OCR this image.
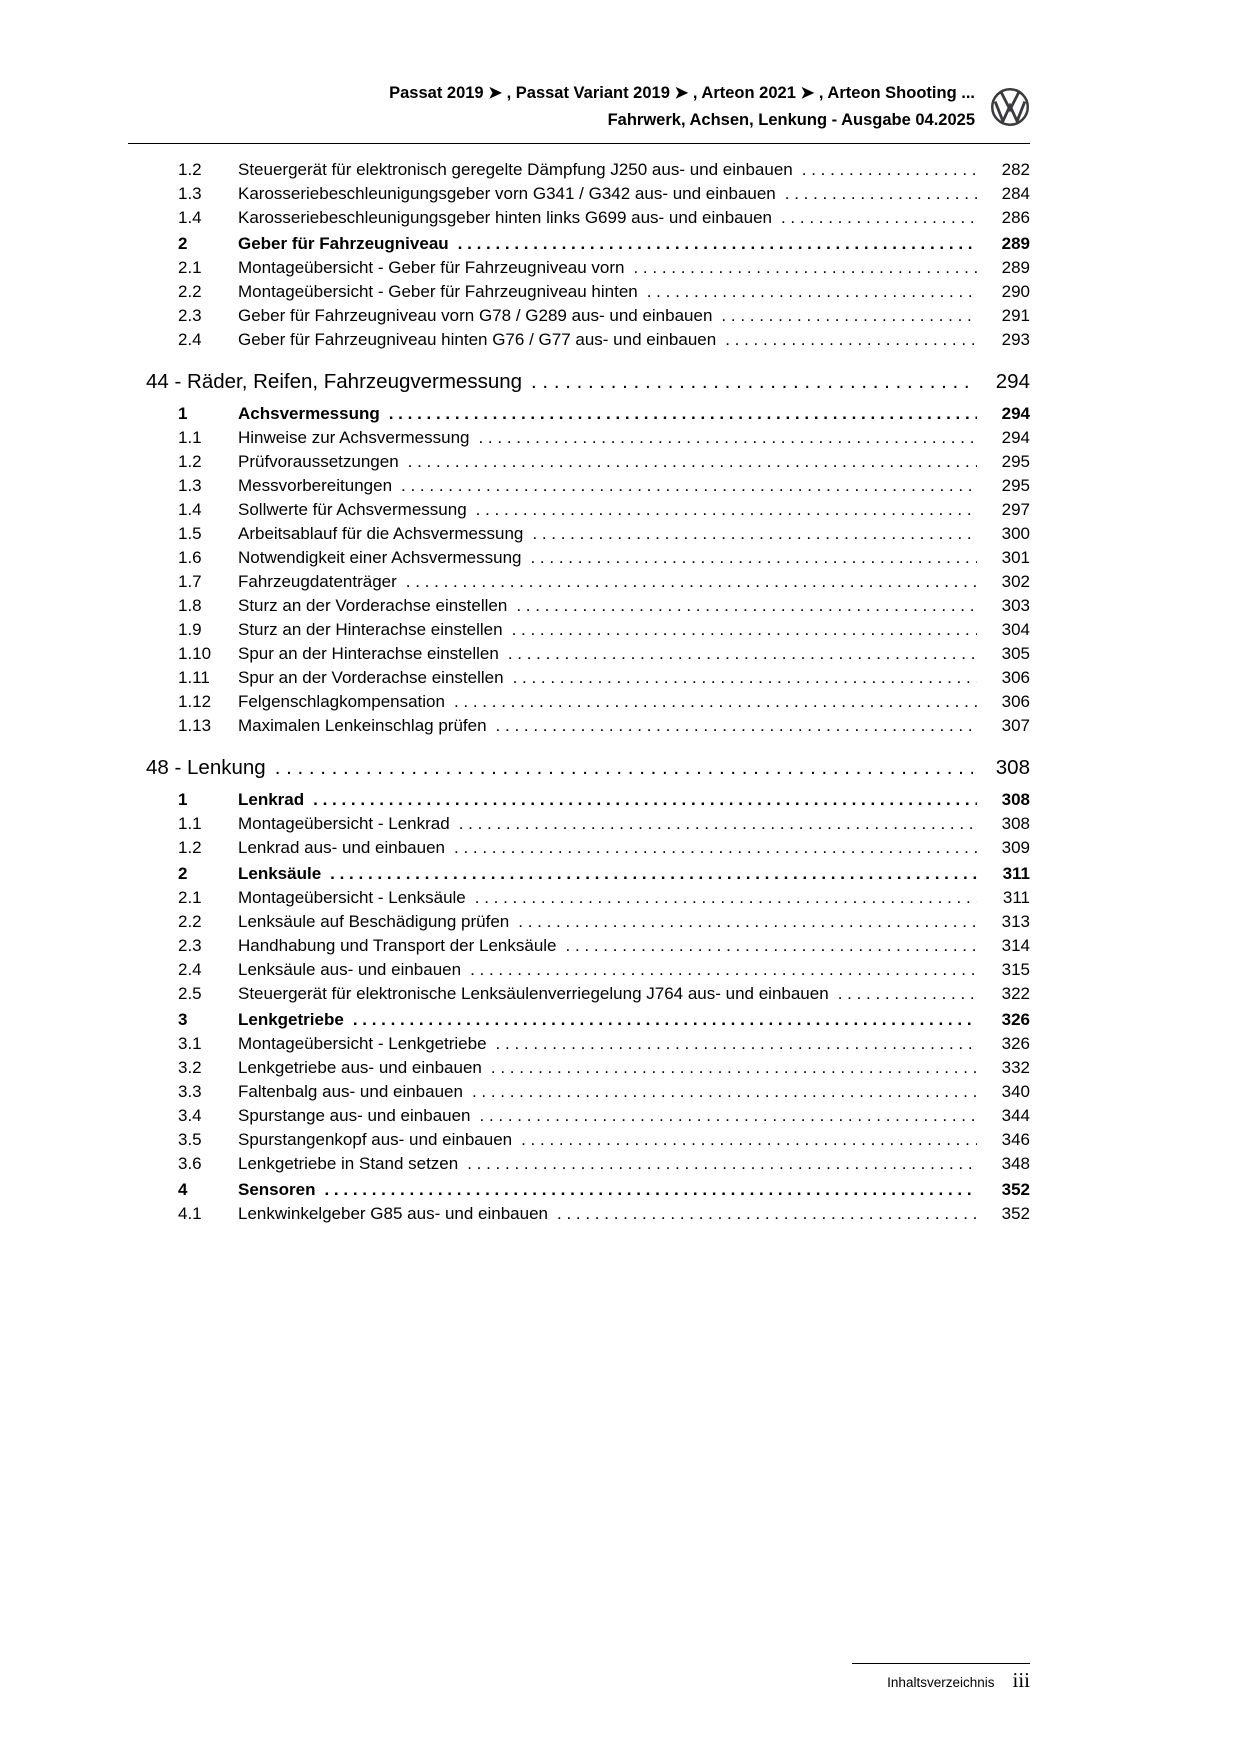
Passat 2019 ➤ , Passat Variant 2019 ➤ , Arteon 2021 ➤ , Arteon Shooting ...
Fahrwerk, Achsen, Lenkung - Ausgabe 04.2025
1.2	Steuergerät für elektronisch geregelte Dämpfung J250 aus- und einbauen . . .	282
1.3	Karosseriebeschleunigungsgeber vorn G341 / G342 aus- und einbauen . . .	284
1.4	Karosseriebeschleunigungsgeber hinten links G699 aus- und einbauen . . .	286
2	Geber für Fahrzeugniveau . . .	289
2.1	Montageübersicht - Geber für Fahrzeugniveau vorn . . .	289
2.2	Montageübersicht - Geber für Fahrzeugniveau hinten . . .	290
2.3	Geber für Fahrzeugniveau vorn G78 / G289 aus- und einbauen . . .	291
2.4	Geber für Fahrzeugniveau hinten G76 / G77 aus- und einbauen . . .	293
44 - Räder, Reifen, Fahrzeugvermessung . . .	294
1	Achsvermessung . . .	294
1.1	Hinweise zur Achsvermessung . . .	294
1.2	Prüfvoraussetzungen . . .	295
1.3	Messvorbereitungen . . .	295
1.4	Sollwerte für Achsvermessung . . .	297
1.5	Arbeitsablauf für die Achsvermessung . . .	300
1.6	Notwendigkeit einer Achsvermessung . . .	301
1.7	Fahrzeugdatenträger . . .	302
1.8	Sturz an der Vorderachse einstellen . . .	303
1.9	Sturz an der Hinterachse einstellen . . .	304
1.10	Spur an der Hinterachse einstellen . . .	305
1.11	Spur an der Vorderachse einstellen . . .	306
1.12	Felgenschlagkompensation . . .	306
1.13	Maximalen Lenkeinschlag prüfen . . .	307
48 - Lenkung . . .	308
1	Lenkrad . . .	308
1.1	Montageübersicht - Lenkrad . . .	308
1.2	Lenkrad aus- und einbauen . . .	309
2	Lenksäule . . .	311
2.1	Montageübersicht - Lenksäule . . .	311
2.2	Lenksäule auf Beschädigung prüfen . . .	313
2.3	Handhabung und Transport der Lenksäule . . .	314
2.4	Lenksäule aus- und einbauen . . .	315
2.5	Steuergerät für elektronische Lenksäulenverriegelung J764 aus- und einbauen . . .	322
3	Lenkgetriebe . . .	326
3.1	Montageübersicht - Lenkgetriebe . . .	326
3.2	Lenkgetriebe aus- und einbauen . . .	332
3.3	Faltenbalg aus- und einbauen . . .	340
3.4	Spurstange aus- und einbauen . . .	344
3.5	Spurstangenkopf aus- und einbauen . . .	346
3.6	Lenkgetriebe in Stand setzen . . .	348
4	Sensoren . . .	352
4.1	Lenkwinkelgeber G85 aus- und einbauen . . .	352
Inhaltsverzeichnis iii
